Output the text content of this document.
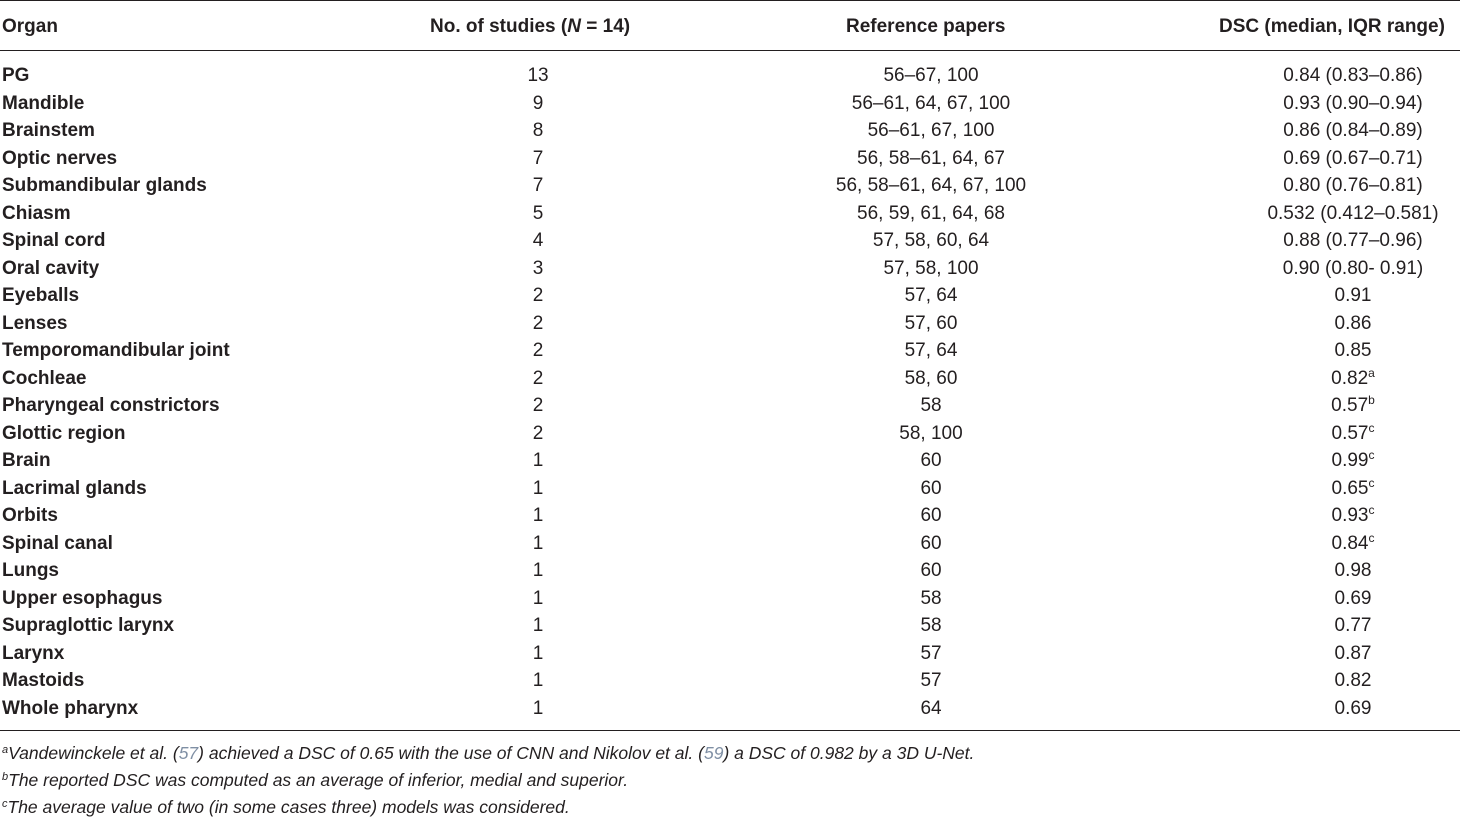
Organ	No. of studies (N = 14)	Reference papers	DSC (median, IQR range)
PG	13	56–67, 100	0.84 (0.83–0.86)
Mandible	9	56–61, 64, 67, 100	0.93 (0.90–0.94)
Brainstem	8	56–61, 67, 100	0.86 (0.84–0.89)
Optic nerves	7	56, 58–61, 64, 67	0.69 (0.67–0.71)
Submandibular glands	7	56, 58–61, 64, 67, 100	0.80 (0.76–0.81)
Chiasm	5	56, 59, 61, 64, 68	0.532 (0.412–0.581)
Spinal cord	4	57, 58, 60, 64	0.88 (0.77–0.96)
Oral cavity	3	57, 58, 100	0.90 (0.80- 0.91)
Eyeballs	2	57, 64	0.91
Lenses	2	57, 60	0.86
Temporomandibular joint	2	57, 64	0.85
Cochleae	2	58, 60	0.82$^a$
Pharyngeal constrictors	2	58	0.57$^b$
Glottic region	2	58, 100	0.57$^c$
Brain	1	60	0.99$^c$
Lacrimal glands	1	60	0.65$^c$
Orbits	1	60	0.93$^c$
Spinal canal	1	60	0.84$^c$
Lungs	1	60	0.98
Upper esophagus	1	58	0.69
Supraglottic larynx	1	58	0.77
Larynx	1	57	0.87
Mastoids	1	57	0.82
Whole pharynx	1	64	0.69
$^a$Vandewinckele et al. (57) achieved a DSC of 0.65 with the use of CNN and Nikolov et al. (59) a DSC of 0.982 by a 3D U-Net.
$^b$The reported DSC was computed as an average of inferior, medial and superior.
$^c$The average value of two (in some cases three) models was considered.
